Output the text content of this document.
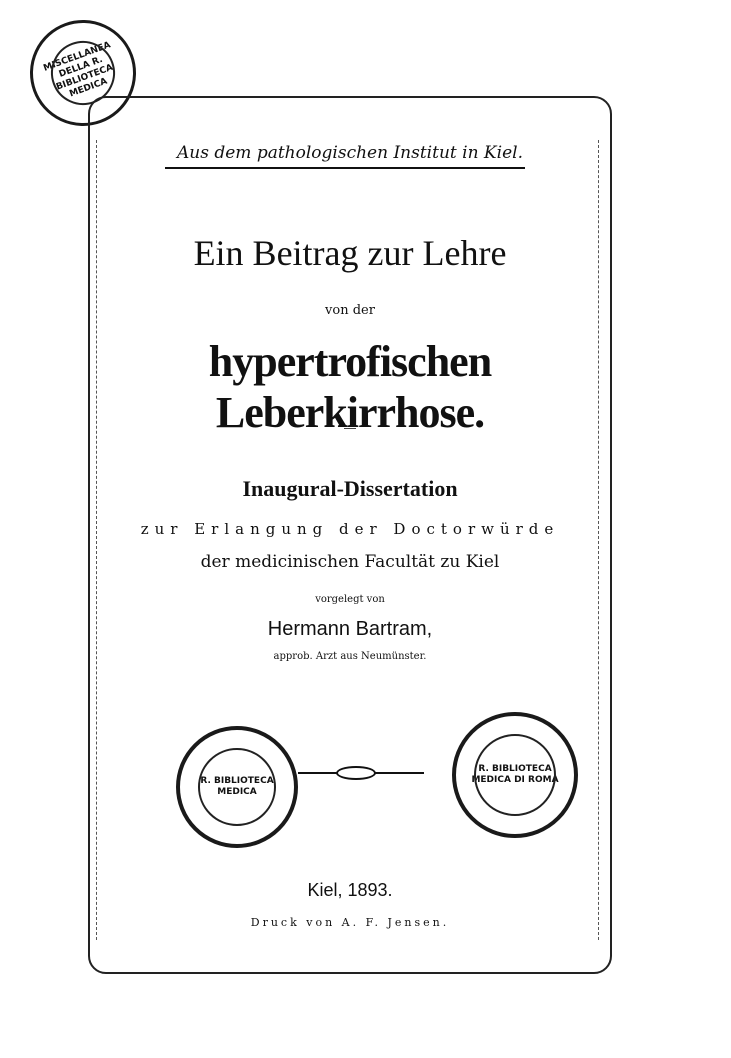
MISCELLANEA DELLA R. BIBLIOTECA MEDICA
Aus dem pathologischen Institut in Kiel.
Ein Beitrag zur Lehre
von der
hypertrofischen Leberkirrhose.
Inaugural-Dissertation
zur Erlangung der Doctorwürde
der medicinischen Facultät zu Kiel
vorgelegt von
Hermann Bartram,
approb. Arzt aus Neumünster.
R. BIBLIOTECA MEDICA
R. BIBLIOTECA MEDICA DI ROMA
Kiel, 1893.
Druck von A. F. Jensen.
